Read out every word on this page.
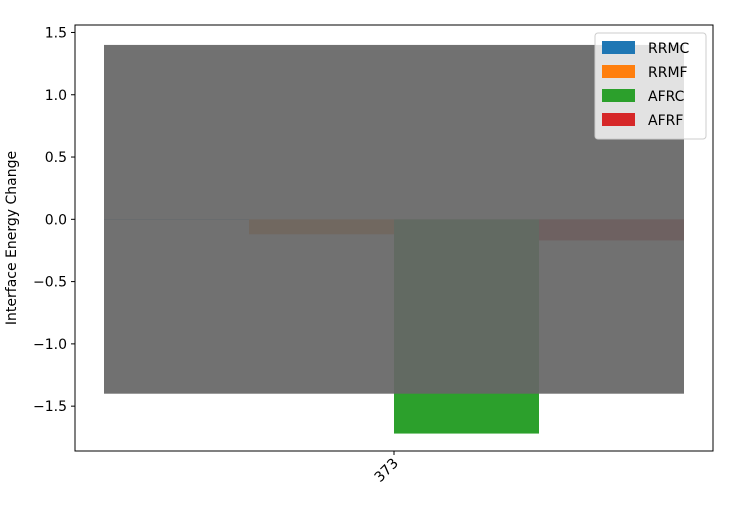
−1.5
−1.0
−0.5
0.0
0.5
1.0
1.5
373
Interface Energy Change
RRMC
RRMF
AFRC
AFRF
